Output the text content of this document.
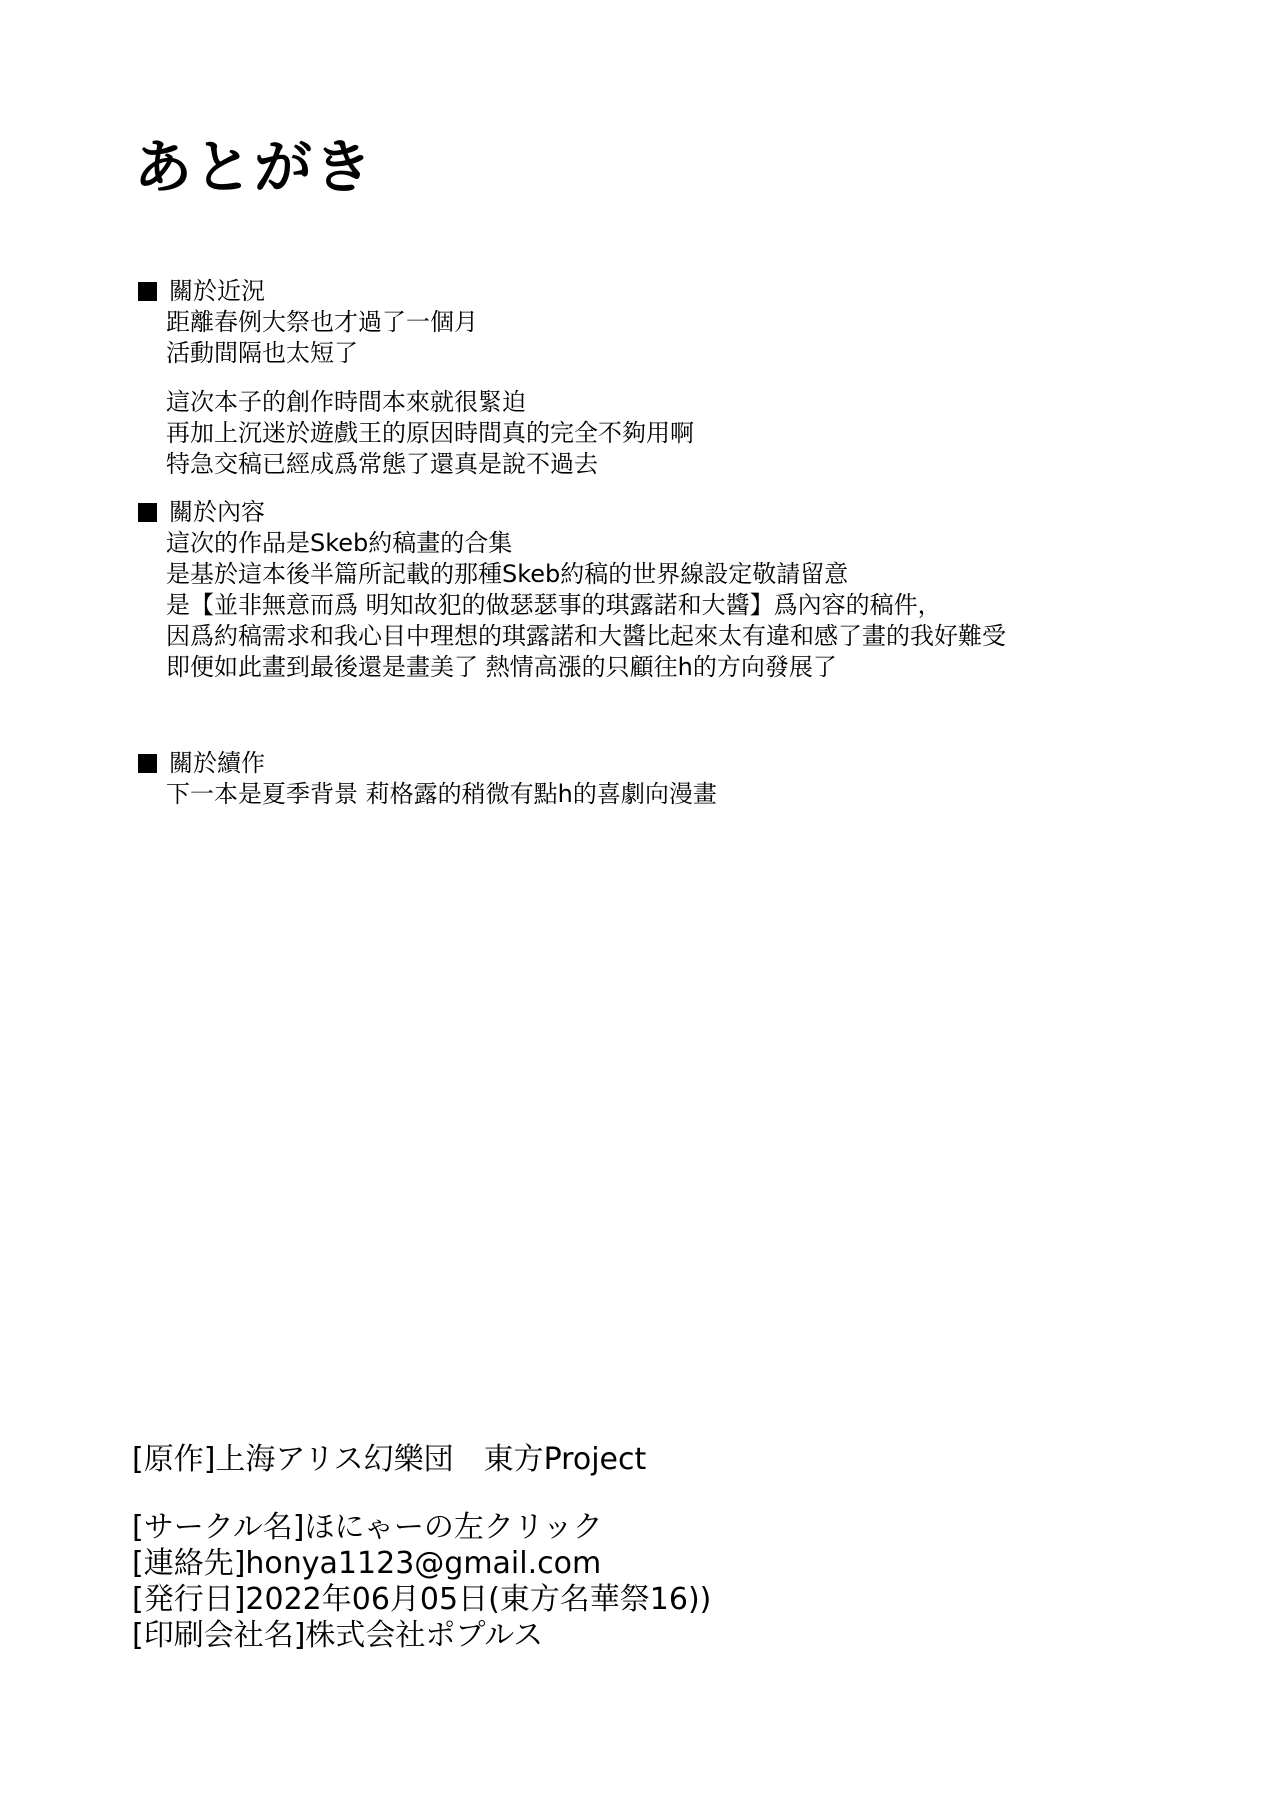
あとがき
關於近況
距離春例大祭也才過了一個月
活動間隔也太短了
這次本子的創作時間本來就很緊迫
再加上沉迷於遊戲王的原因時間真的完全不夠用啊
特急交稿已經成爲常態了還真是說不過去
關於內容
這次的作品是Skeb約稿畫的合集
是基於這本後半篇所記載的那種Skeb約稿的世界線設定敬請留意
是【並非無意而爲 明知故犯的做瑟瑟事的琪露諾和大醬】爲內容的稿件，
因爲約稿需求和我心目中理想的琪露諾和大醬比起來太有違和感了畫的我好難受
即便如此畫到最後還是畫美了 熱情高漲的只顧往h的方向發展了
關於續作
下一本是夏季背景 莉格露的稍微有點h的喜劇向漫畫
[原作]上海アリス幻樂団　東方Project
[サークル名]ほにゃーの左クリック
[連絡先]honya1123@gmail.com
[発行日]2022年06月05日(東方名華祭16))
[印刷会社名]株式会社ポプルス
